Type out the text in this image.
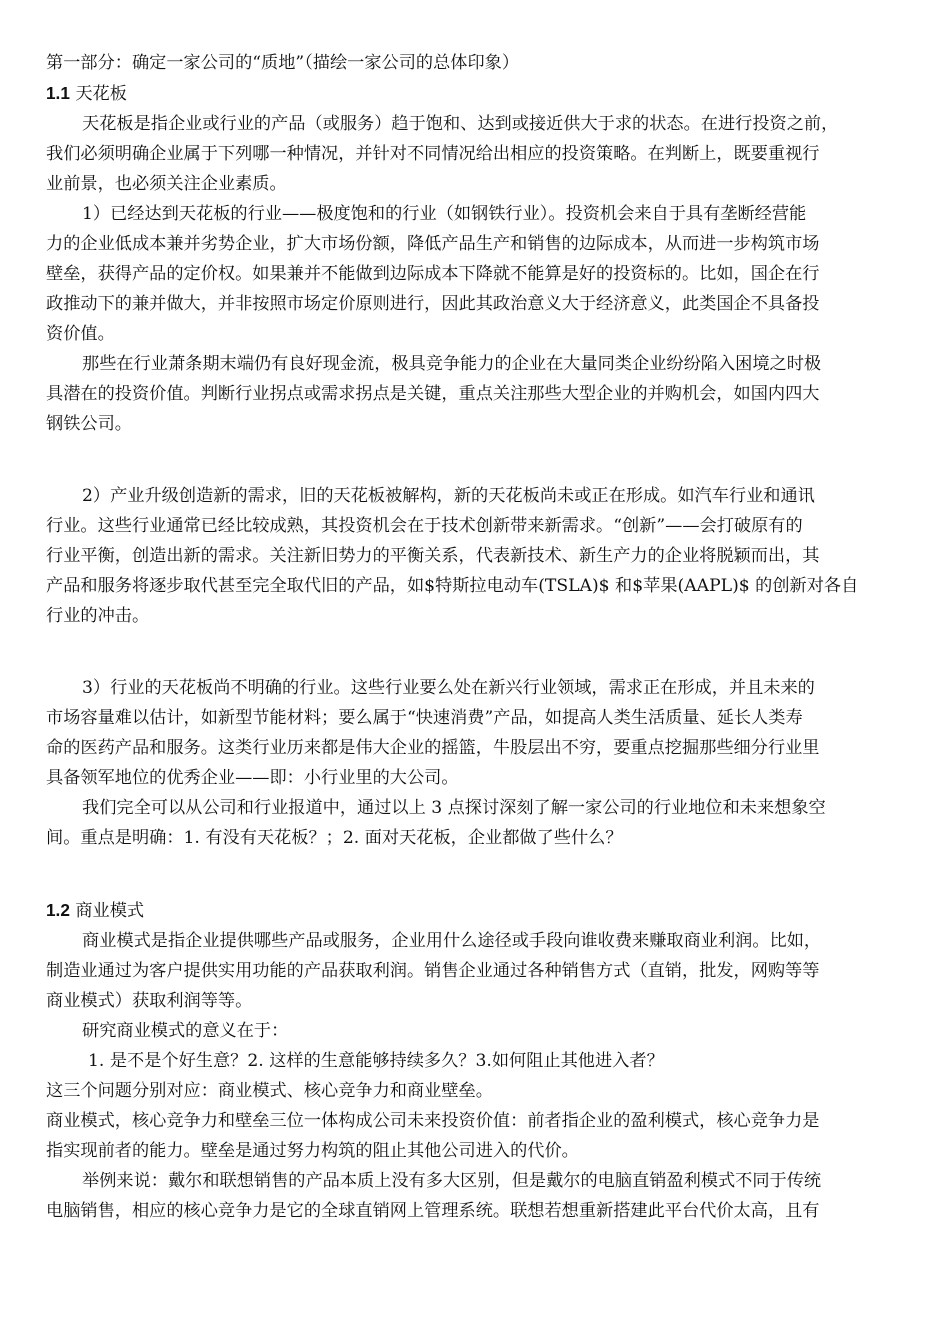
第一部分：确定一家公司的“质地”（描绘一家公司的总体印象）

1.1 天花板

天花板是指企业或行业的产品（或服务）趋于饱和、达到或接近供大于求的状态。在进行投资之前，

我们必须明确企业属于下列哪一种情况，并针对不同情况给出相应的投资策略。在判断上，既要重视行

业前景，也必须关注企业素质。

1）已经达到天花板的行业——极度饱和的行业（如钢铁行业）。投资机会来自于具有垄断经营能

力的企业低成本兼并劣势企业，扩大市场份额，降低产品生产和销售的边际成本，从而进一步构筑市场

壁垒，获得产品的定价权。如果兼并不能做到边际成本下降就不能算是好的投资标的。比如，国企在行

政推动下的兼并做大，并非按照市场定价原则进行，因此其政治意义大于经济意义，此类国企不具备投

资价值。

那些在行业萧条期末端仍有良好现金流，极具竞争能力的企业在大量同类企业纷纷陷入困境之时极

具潜在的投资价值。判断行业拐点或需求拐点是关键，重点关注那些大型企业的并购机会，如国内四大

钢铁公司。

2）产业升级创造新的需求，旧的天花板被解构，新的天花板尚未或正在形成。如汽车行业和通讯

行业。这些行业通常已经比较成熟，其投资机会在于技术创新带来新需求。“创新”——会打破原有的

行业平衡，创造出新的需求。关注新旧势力的平衡关系，代表新技术、新生产力的企业将脱颖而出，其

产品和服务将逐步取代甚至完全取代旧的产品，如$特斯拉电动车(TSLA)$ 和$苹果(AAPL)$ 的创新对各自

行业的冲击。

3）行业的天花板尚不明确的行业。这些行业要么处在新兴行业领域，需求正在形成，并且未来的

市场容量难以估计，如新型节能材料；要么属于“快速消费”产品，如提高人类生活质量、延长人类寿

命的医药产品和服务。这类行业历来都是伟大企业的摇篮，牛股层出不穷，要重点挖掘那些细分行业里

具备领军地位的优秀企业——即：小行业里的大公司。

我们完全可以从公司和行业报道中，通过以上 3 点探讨深刻了解一家公司的行业地位和未来想象空

间。重点是明确：1. 有没有天花板？；2. 面对天花板，企业都做了些什么？

1.2 商业模式

商业模式是指企业提供哪些产品或服务，企业用什么途径或手段向谁收费来赚取商业利润。比如，

制造业通过为客户提供实用功能的产品获取利润。销售企业通过各种销售方式（直销，批发，网购等等

商业模式）获取利润等等。

研究商业模式的意义在于：

1. 是不是个好生意？2. 这样的生意能够持续多久？3.如何阻止其他进入者？

这三个问题分别对应：商业模式、核心竞争力和商业壁垒。

商业模式，核心竞争力和壁垒三位一体构成公司未来投资价值：前者指企业的盈利模式，核心竞争力是

指实现前者的能力。壁垒是通过努力构筑的阻止其他公司进入的代价。

举例来说：戴尔和联想销售的产品本质上没有多大区别，但是戴尔的电脑直销盈利模式不同于传统

电脑销售，相应的核心竞争力是它的全球直销网上管理系统。联想若想重新搭建此平台代价太高，且有
